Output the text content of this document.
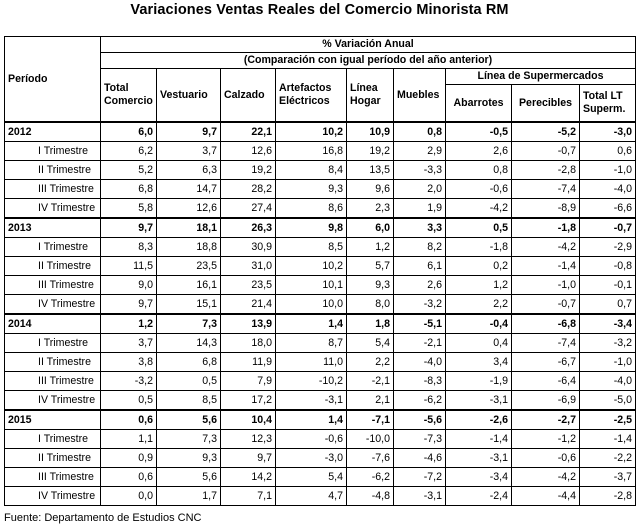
Variaciones Ventas Reales del Comercio Minorista RM
Período	% Variación Anual								
	(Comparación con igual período del año anterior)								
	Total Comercio	Vestuario	Calzado	Artefactos Eléctricos	Línea Hogar	Muebles	Línea de Supermercados		
							Abarrotes	Perecibles	Total LT Superm.
2012	6,0	9,7	22,1	10,2	10,9	0,8	-0,5	-5,2	-3,0
I Trimestre	6,2	3,7	12,6	16,8	19,2	2,9	2,6	-0,7	0,6
II Trimestre	5,2	6,3	19,2	8,4	13,5	-3,3	0,8	-2,8	-1,0
III Trimestre	6,8	14,7	28,2	9,3	9,6	2,0	-0,6	-7,4	-4,0
IV Trimestre	5,8	12,6	27,4	8,6	2,3	1,9	-4,2	-8,9	-6,6
2013	9,7	18,1	26,3	9,8	6,0	3,3	0,5	-1,8	-0,7
I Trimestre	8,3	18,8	30,9	8,5	1,2	8,2	-1,8	-4,2	-2,9
II Trimestre	11,5	23,5	31,0	10,2	5,7	6,1	0,2	-1,4	-0,8
III Trimestre	9,0	16,1	23,5	10,1	9,3	2,6	1,2	-1,0	-0,1
IV Trimestre	9,7	15,1	21,4	10,0	8,0	-3,2	2,2	-0,7	0,7
2014	1,2	7,3	13,9	1,4	1,8	-5,1	-0,4	-6,8	-3,4
I Trimestre	3,7	14,3	18,0	8,7	5,4	-2,1	0,4	-7,4	-3,2
II Trimestre	3,8	6,8	11,9	11,0	2,2	-4,0	3,4	-6,7	-1,0
III Trimestre	-3,2	0,5	7,9	-10,2	-2,1	-8,3	-1,9	-6,4	-4,0
IV Trimestre	0,5	8,5	17,2	-3,1	2,1	-6,2	-3,1	-6,9	-5,0
2015	0,6	5,6	10,4	1,4	-7,1	-5,6	-2,6	-2,7	-2,5
I Trimestre	1,1	7,3	12,3	-0,6	-10,0	-7,3	-1,4	-1,2	-1,4
II Trimestre	0,9	9,3	9,7	-3,0	-7,6	-4,6	-3,1	-0,6	-2,2
III Trimestre	0,6	5,6	14,2	5,4	-6,2	-7,2	-3,4	-4,2	-3,7
IV Trimestre	0,0	1,7	7,1	4,7	-4,8	-3,1	-2,4	-4,4	-2,8
Fuente: Departamento de Estudios CNC
